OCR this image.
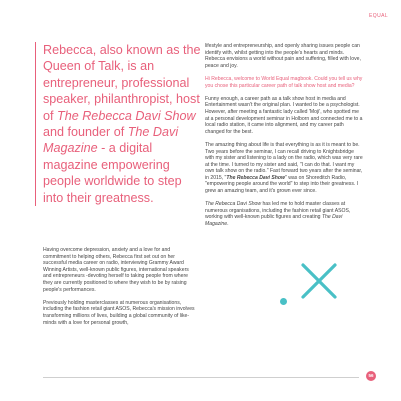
EQUAL

Rebecca, also known as the Queen of Talk, is an entrepreneur, professional speaker, philanthropist, host of The Rebecca Davi Show and founder of The Davi Magazine - a digital magazine empowering people worldwide to step into their greatness.

Having overcome depression, anxiety and a love for and commitment to helping others, Rebecca first set out on her successful media career on radio, interviewing Grammy Award Winning Artists, well-known public figures, international speakers and entrepreneurs -devoting herself to taking people from where they are currently positioned to where they wish to be by raising people's performances.

Previously holding masterclasses at numerous organisations, including the fashion retail giant ASOS, Rebecca's mission involves transforming millions of lives, building a global community of like-minds with a love for personal growth,

lifestyle and entrepreneurship, and openly sharing issues people can identify with, whilst getting into the people's hearts and minds. Rebecca envisions a world without pain and suffering, filled with love, peace and joy.

Hi Rebecca, welcome to World Equal magbook. Could you tell us why you chose this particular career path of talk show host and media?

Funny enough, a career path as a talk show host in media and Entertainment wasn't the original plan. I wanted to be a psychologist. However, after meeting a fantastic lady called 'Moji', who spotted me at a personal development seminar in Holborn and connected me to a local radio station, it came into alignment, and my career path changed for the best.

The amazing thing about life is that everything is as it is meant to be. Two years before the seminar, I can recall driving to Knightsbridge with my sister and listening to a lady on the radio, which was very rare at the time. I turned to my sister and said, "I can do that. I want my own talk show on the radio." Fast forward two years after the seminar, in 2015, "The Rebecca Davi Show" was on Shoreditch Radio, "empowering people around the world" to step into their greatness. I grew an amazing team, and it's grown ever since.

The Rebecca Davi Show has led me to hold master classes at numerous organisations, including the fashion retail giant ASOS, working with well-known public figures and creating The Davi Magazine.

56
